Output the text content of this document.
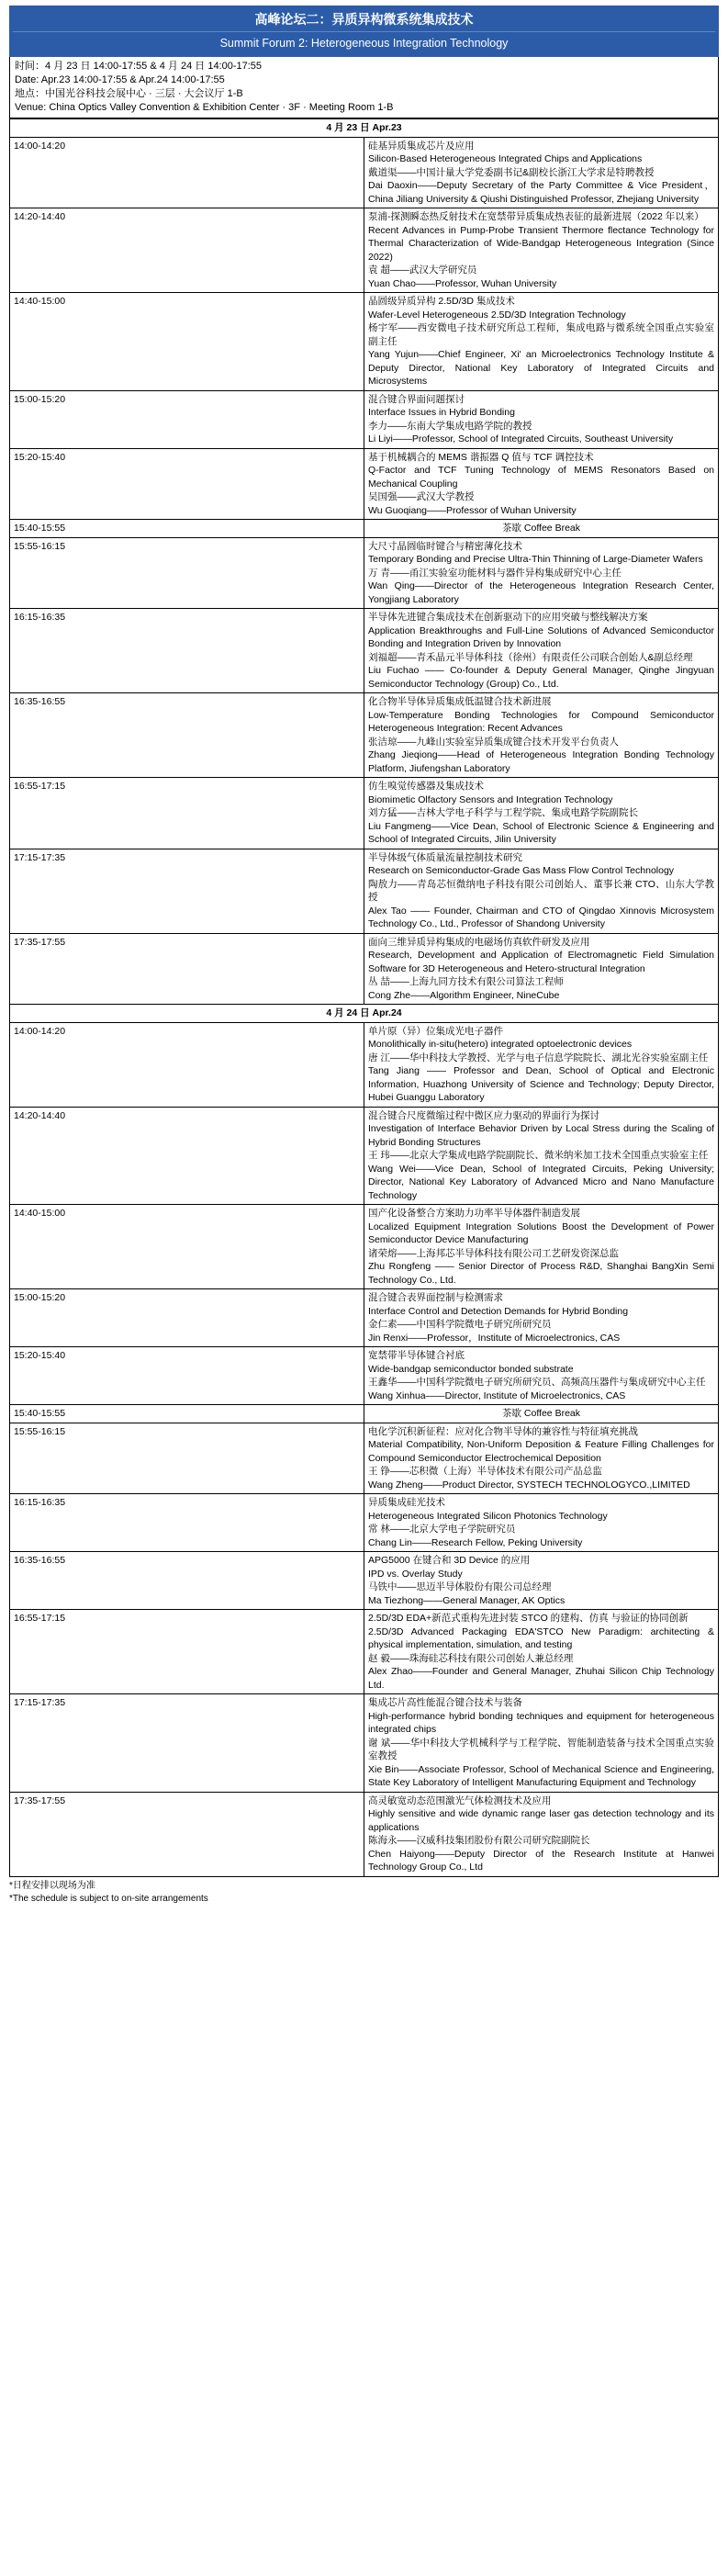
高峰论坛二：异质异构微系统集成技术
Summit Forum 2: Heterogeneous Integration Technology
时间：4 月 23 日 14:00-17:55 & 4 月 24 日 14:00-17:55
Date: Apr.23 14:00-17:55 & Apr.24 14:00-17:55
地点：中国光谷科技会展中心 · 三层 · 大会议厅 1-B
Venue: China Optics Valley Convention & Exhibition Center · 3F · Meeting Room 1-B
4 月 23 日 Apr.23	
14:00-14:20	硅基异质集成芯片及应用
Silicon-Based Heterogeneous Integrated Chips and Applications
戴道渠——中国计量大学党委副书记&副校长浙江大学求是特聘教授
Dai Daoxin——Deputy Secretary of the Party Committee & Vice President，China Jiliang University & Qiushi Distinguished Professor, Zhejiang University

14:20-14:40	泵浦-探测瞬态热反射技术在宽禁带异质集成热表征的最新进展（2022 年以来）
Recent Advances in Pump-Probe Transient Thermore flectance Technology for Thermal Characterization of Wide-Bandgap Heterogeneous Integration (Since 2022)
袁 超——武汉大学研究员
Yuan Chao——Professor, Wuhan University

14:40-15:00	晶圆级异质异构 2.5D/3D 集成技术
Wafer-Level Heterogeneous 2.5D/3D Integration Technology
杨宇军——西安微电子技术研究所总工程师，集成电路与微系统全国重点实验室副主任
Yang Yujun——Chief Engineer, Xi' an Microelectronics Technology Institute & Deputy Director, National Key Laboratory of Integrated Circuits and Microsystems

15:00-15:20	混合键合界面问题探讨
Interface Issues in Hybrid Bonding
李力——东南大学集成电路学院的教授
Li Liyi——Professor, School of Integrated Circuits, Southeast University

15:20-15:40	基于机械耦合的 MEMS 谐振器 Q 值与 TCF 调控技术
Q-Factor and TCF Tuning Technology of MEMS Resonators Based on Mechanical Coupling
吴国强——武汉大学教授
Wu Guoqiang——Professor of Wuhan University

15:40-15:55	茶歇 Coffee Break
15:55-16:15	大尺寸晶圆临时键合与精密薄化技术
Temporary Bonding and Precise Ultra-Thin Thinning of Large-Diameter Wafers
万 青——甬江实验室功能材料与器件异构集成研究中心主任
Wan Qing——Director of the Heterogeneous Integration Research Center, Yongjiang Laboratory

16:15-16:35	半导体先进键合集成技术在创新驱动下的应用突破与整线解决方案
Application Breakthroughs and Full-Line Solutions of Advanced Semiconductor Bonding and Integration Driven by Innovation
刘福超——青禾晶元半导体科技（徐州）有限责任公司联合创始人&副总经理
Liu Fuchao —— Co-founder & Deputy General Manager, Qinghe Jingyuan Semiconductor Technology (Group) Co., Ltd.

16:35-16:55	化合物半导体异质集成低温键合技术新进展
Low-Temperature Bonding Technologies for Compound Semiconductor Heterogeneous Integration: Recent Advances
张洁琼——九峰山实验室异质集成键合技术开发平台负责人
Zhang Jieqiong——Head of Heterogeneous Integration Bonding Technology Platform, Jiufengshan Laboratory

16:55-17:15	仿生嗅觉传感器及集成技术
Biomimetic Olfactory Sensors and Integration Technology
刘方猛——吉林大学电子科学与工程学院、集成电路学院副院长
Liu Fangmeng——Vice Dean, School of Electronic Science & Engineering and School of Integrated Circuits, Jilin University

17:15-17:35	半导体级气体质量流量控制技术研究
Research on Semiconductor-Grade Gas Mass Flow Control Technology
陶敖力——青岛芯恒微纳电子科技有限公司创始人、董事长兼 CTO、山东大学教授
Alex Tao —— Founder, Chairman and CTO of Qingdao Xinnovis Microsystem Technology Co., Ltd., Professor of Shandong University

17:35-17:55	面向三维异质异构集成的电磁场仿真软件研发及应用
Research, Development and Application of Electromagnetic Field Simulation Software for 3D Heterogeneous and Hetero-structural Integration
丛 喆——上海九同方技术有限公司算法工程师
Cong Zhe——Algorithm Engineer, NineCube

4 月 24 日 Apr.24	
14:00-14:20	单片原（异）位集成光电子器件
Monolithically in-situ(hetero) integrated optoelectronic devices
唐 江——华中科技大学教授、光学与电子信息学院院长、湖北光谷实验室副主任
Tang Jiang —— Professor and Dean, School of Optical and Electronic Information, Huazhong University of Science and Technology; Deputy Director, Hubei Guanggu Laboratory

14:20-14:40	混合键合尺度微缩过程中微区应力驱动的界面行为探讨
Investigation of Interface Behavior Driven by Local Stress during the Scaling of Hybrid Bonding Structures
王 玮——北京大学集成电路学院副院长、微米纳米加工技术全国重点实验室主任
Wang Wei——Vice Dean, School of Integrated Circuits, Peking University; Director, National Key Laboratory of Advanced Micro and Nano Manufacture Technology

14:40-15:00	国产化设备整合方案助力功率半导体器件制造发展
Localized Equipment Integration Solutions Boost the Development of Power Semiconductor Device Manufacturing
诸荣熔——上海邦芯半导体科技有限公司工艺研发资深总监
Zhu Rongfeng —— Senior Director of Process R&D, Shanghai BangXin Semi Technology Co., Ltd.

15:00-15:20	混合键合表界面控制与检测需求
Interface Control and Detection Demands for Hybrid Bonding
金仁素——中国科学院微电子研究所研究员
Jin Renxi——Professor，Institute of Microelectronics, CAS

15:20-15:40	宽禁带半导体键合衬底
Wide-bandgap semiconductor bonded substrate
王鑫华——中国科学院微电子研究所研究员、高频高压器件与集成研究中心主任
Wang Xinhua——Director, Institute of Microelectronics, CAS

15:40-15:55	茶歇 Coffee Break
15:55-16:15	电化学沉积新征程：应对化合物半导体的兼容性与特征填充挑战
Material Compatibility, Non-Uniform Deposition & Feature Filling Challenges for Compound Semiconductor Electrochemical Deposition
王 铮——芯积微（上海）半导体技术有限公司产品总监
Wang Zheng——Product Director, SYSTECH TECHNOLOGYCO.,LIMITED

16:15-16:35	异质集成硅光技术
Heterogeneous Integrated Silicon Photonics Technology
常 林——北京大学电子学院研究员
Chang Lin——Research Fellow, Peking University

16:35-16:55	APG5000 在键合和 3D Device 的应用
IPD vs. Overlay Study
马铁中——思迈半导体股份有限公司总经理
Ma Tiezhong——General Manager, AK Optics

16:55-17:15	2.5D/3D EDA+新范式重构先进封装 STCO 的建构、仿真 与验证的协同创新
2.5D/3D Advanced Packaging EDA'STCO New Paradigm: architecting & physical implementation, simulation, and testing
赵 毅——珠海硅芯科技有限公司创始人兼总经理
Alex Zhao——Founder and General Manager, Zhuhai Silicon Chip Technology Ltd.

17:15-17:35	集成芯片高性能混合键合技术与装备
High-performance hybrid bonding techniques and equipment for heterogeneous integrated chips
谢 斌——华中科技大学机械科学与工程学院、智能制造装备与技术全国重点实验室教授
Xie Bin——Associate Professor, School of Mechanical Science and Engineering, State Key Laboratory of Intelligent Manufacturing Equipment and Technology

17:35-17:55	高灵敏宽动态范围激光气体检测技术及应用
Highly sensitive and wide dynamic range laser gas detection technology and its applications
陈海永——汉威科技集团股份有限公司研究院副院长
Chen Haiyong——Deputy Director of the Research Institute at Hanwei Technology Group Co., Ltd
*日程安排以现场为准
*The schedule is subject to on-site arrangements
